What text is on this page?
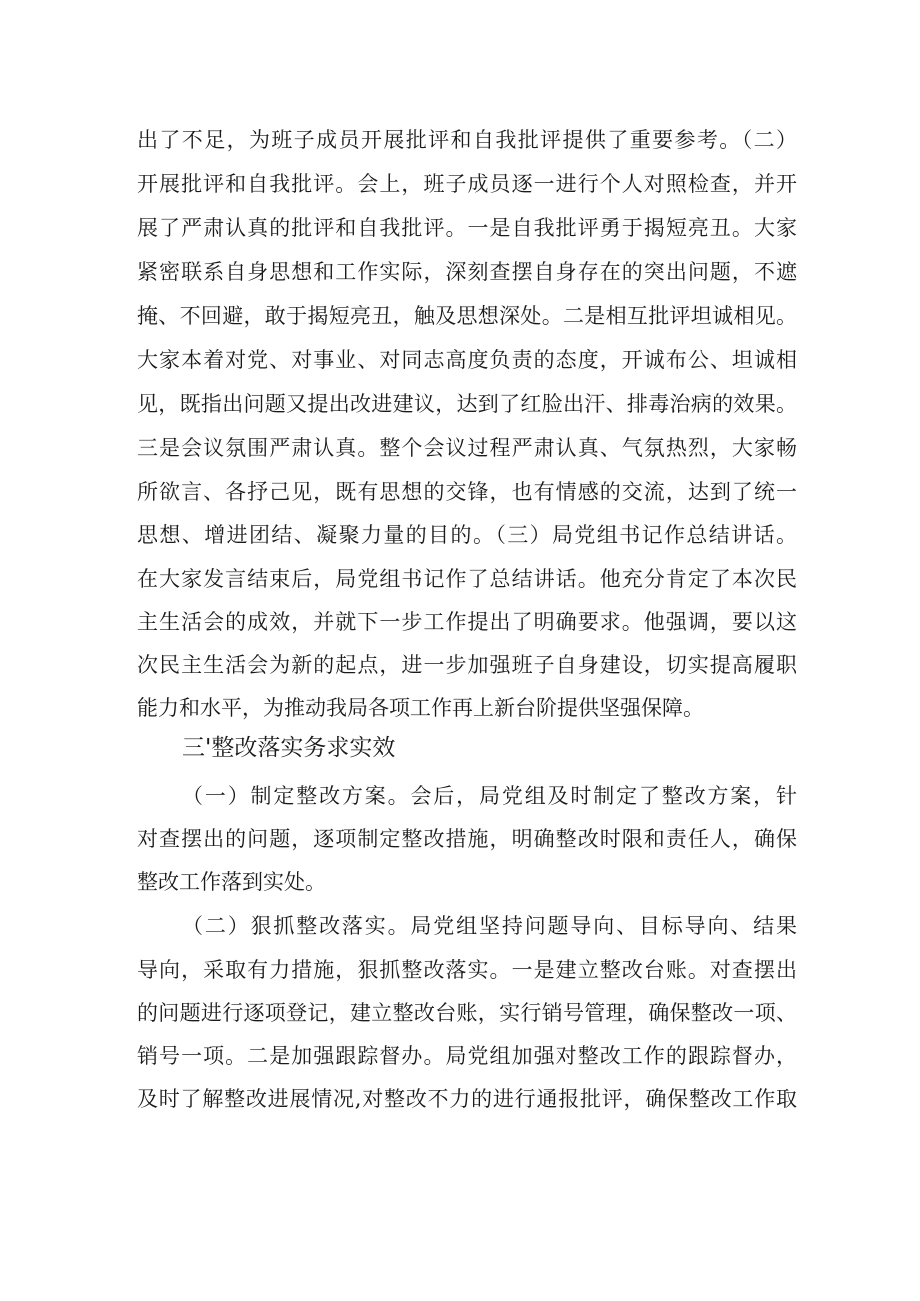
出了不足，为班子成员开展批评和自我批评提供了重要参考。（二）
开展批评和自我批评。会上，班子成员逐一进行个人对照检查，并开
展了严肃认真的批评和自我批评。一是自我批评勇于揭短亮丑。大家
紧密联系自身思想和工作实际，深刻查摆自身存在的突出问题，不遮
掩、不回避，敢于揭短亮丑，触及思想深处。二是相互批评坦诚相见。
大家本着对党、对事业、对同志高度负责的态度，开诚布公、坦诚相
见，既指出问题又提出改进建议，达到了红脸出汗、排毒治病的效果。
三是会议氛围严肃认真。整个会议过程严肃认真、气氛热烈，大家畅
所欲言、各抒己见，既有思想的交锋，也有情感的交流，达到了统一
思想、增进团结、凝聚力量的目的。（三）局党组书记作总结讲话。
在大家发言结束后，局党组书记作了总结讲话。他充分肯定了本次民
主生活会的成效，并就下一步工作提出了明确要求。他强调，要以这
次民主生活会为新的起点，进一步加强班子自身建设，切实提高履职
能力和水平，为推动我局各项工作再上新台阶提供坚强保障。
三'整改落实务求实效
（一）制定整改方案。会后，局党组及时制定了整改方案，针
对查摆出的问题，逐项制定整改措施，明确整改时限和责任人，确保
整改工作落到实处。
（二）狠抓整改落实。局党组坚持问题导向、目标导向、结果
导向，采取有力措施，狠抓整改落实。一是建立整改台账。对查摆出
的问题进行逐项登记，建立整改台账，实行销号管理，确保整改一项、
销号一项。二是加强跟踪督办。局党组加强对整改工作的跟踪督办，
及时了解整改进展情况,对整改不力的进行通报批评，确保整改工作取
